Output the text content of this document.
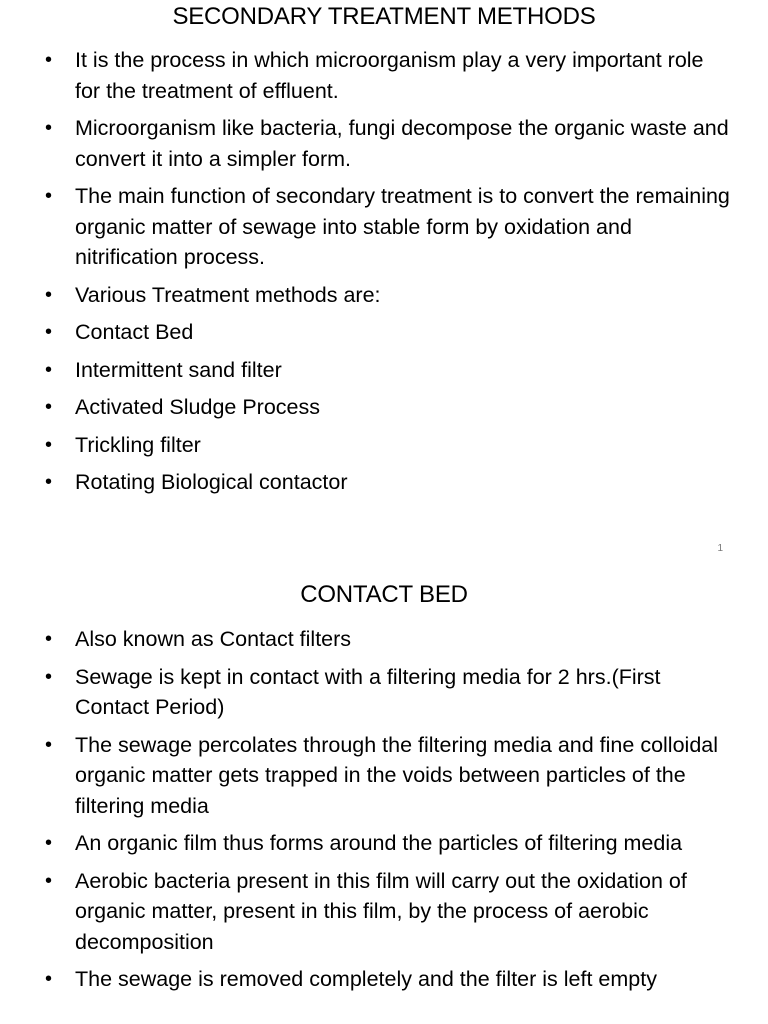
SECONDARY TREATMENT METHODS
• It is the process in which microorganism play a very important role for the treatment of effluent.
• Microorganism like bacteria, fungi decompose the organic waste and convert it into a simpler form.
• The main function of secondary treatment is to convert the remaining organic matter of sewage into stable form by oxidation and nitrification process.
• Various Treatment methods are:
• Contact Bed
• Intermittent sand filter
• Activated Sludge Process
• Trickling filter
• Rotating Biological contactor
1
CONTACT BED
• Also known as Contact filters
• Sewage is kept in contact with a filtering media for 2 hrs.(First Contact Period)
• The sewage percolates through the filtering media and fine colloidal organic matter gets trapped in the voids between particles of the filtering media
• An organic film thus forms around the particles of filtering media
• Aerobic bacteria present in this film will carry out the oxidation of organic matter, present in this film, by the process of aerobic decomposition
• The sewage is removed completely and the filter is left empty
